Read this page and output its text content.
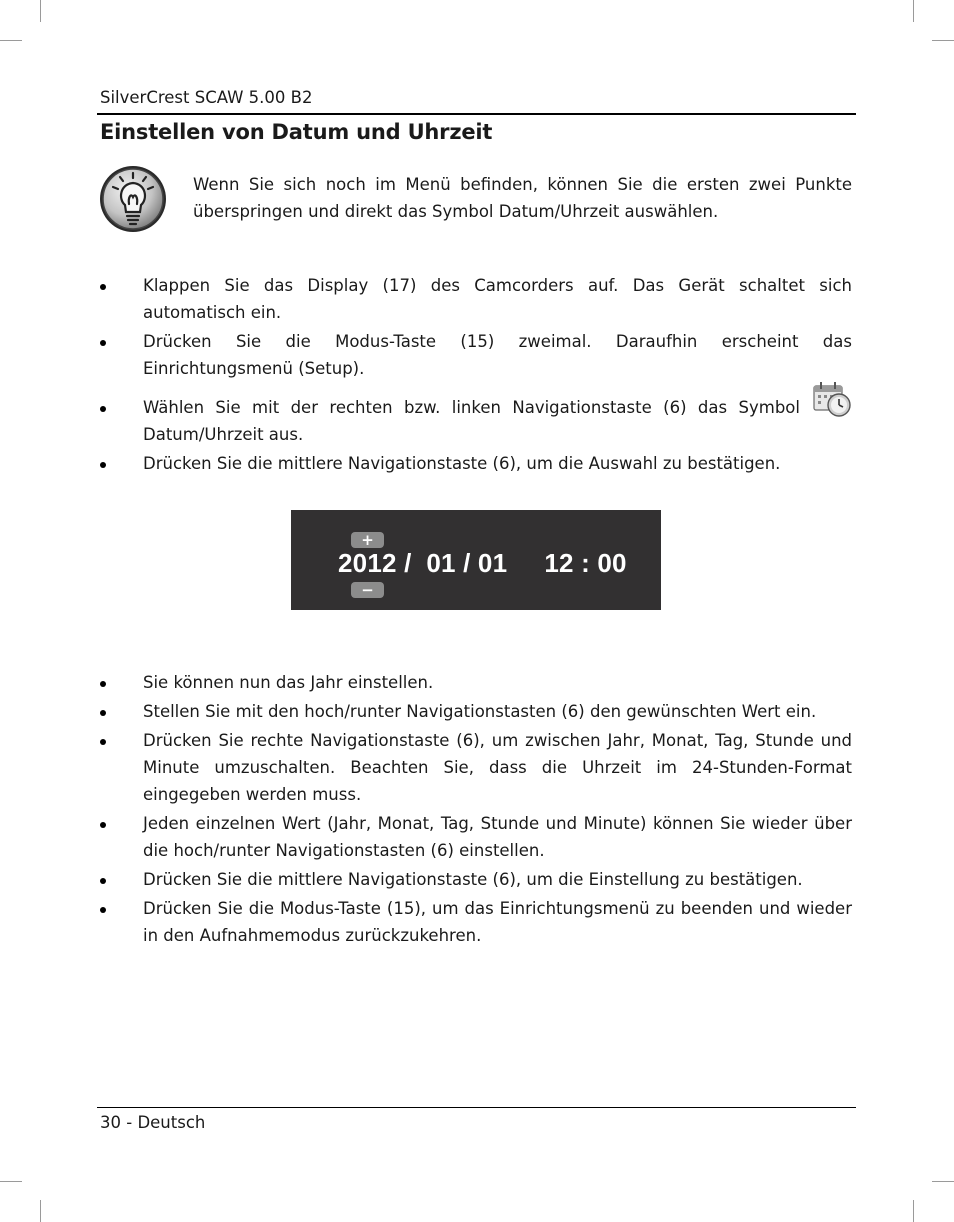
SilverCrest SCAW 5.00 B2
Einstellen von Datum und Uhrzeit

Wenn Sie sich noch im Menü befinden, können Sie die ersten zwei Punkte überspringen und direkt das Symbol Datum/Uhrzeit auswählen.

Klappen Sie das Display (17) des Camcorders auf. Das Gerät schaltet sich automatisch ein.
Drücken Sie die Modus-Taste (15) zweimal. Daraufhin erscheint das Einrichtungsmenü (Setup).
Wählen Sie mit der rechten bzw. linken Navigationstaste (6) das Symbol Datum/Uhrzeit aus.
Drücken Sie die mittlere Navigationstaste (6), um die Auswahl zu bestätigen.
+
2012 /  01 / 01     12 : 00
−
Sie können nun das Jahr einstellen.
Stellen Sie mit den hoch/runter Navigationstasten (6) den gewünschten Wert ein.
Drücken Sie rechte Navigationstaste (6), um zwischen Jahr, Monat, Tag, Stunde und Minute umzuschalten. Beachten Sie, dass die Uhrzeit im 24-Stunden-Format eingegeben werden muss.
Jeden einzelnen Wert (Jahr, Monat, Tag, Stunde und Minute) können Sie wieder über die hoch/runter Navigationstasten (6) einstellen.
Drücken Sie die mittlere Navigationstaste (6), um die Einstellung zu bestätigen.
Drücken Sie die Modus-Taste (15), um das Einrichtungsmenü zu beenden und wieder in den Aufnahmemodus zurückzukehren.
30 - Deutsch
